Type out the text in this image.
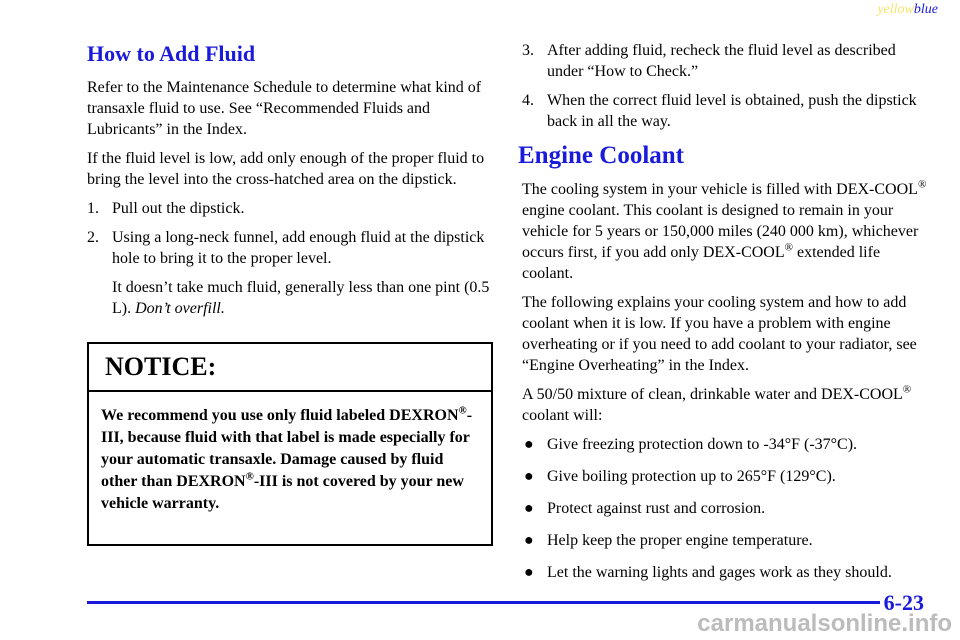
yellowblue
How to Add Fluid

Refer to the Maintenance Schedule to determine what kind of transaxle fluid to use. See “Recommended Fluids and Lubricants” in the Index.

If the fluid level is low, add only enough of the proper fluid to bring the level into the cross-hatched area on the dipstick.

1. Pull out the dipstick.
2. Using a long-neck funnel, add enough fluid at the dipstick hole to bring it to the proper level.

It doesn’t take much fluid, generally less than one pint (0.5 L). Don’t overfill.

NOTICE:
We recommend you use only fluid labeled DEXRON®-III, because fluid with that label is made especially for your automatic transaxle. Damage caused by fluid other than DEXRON®-III is not covered by your new vehicle warranty.
3. After adding fluid, recheck the fluid level as described under “How to Check.”
4. When the correct fluid level is obtained, push the dipstick back in all the way.
Engine Coolant

The cooling system in your vehicle is filled with DEX-COOL® engine coolant. This coolant is designed to remain in your vehicle for 5 years or 150,000 miles (240 000 km), whichever occurs first, if you add only DEX-COOL® extended life coolant.

The following explains your cooling system and how to add coolant when it is low. If you have a problem with engine overheating or if you need to add coolant to your radiator, see “Engine Overheating” in the Index.

A 50/50 mixture of clean, drinkable water and DEX-COOL® coolant will:

● Give freezing protection down to -34°F (-37°C).
● Give boiling protection up to 265°F (129°C).
● Protect against rust and corrosion.
● Help keep the proper engine temperature.
● Let the warning lights and gages work as they should.
6-23
carmanualsonline.info
